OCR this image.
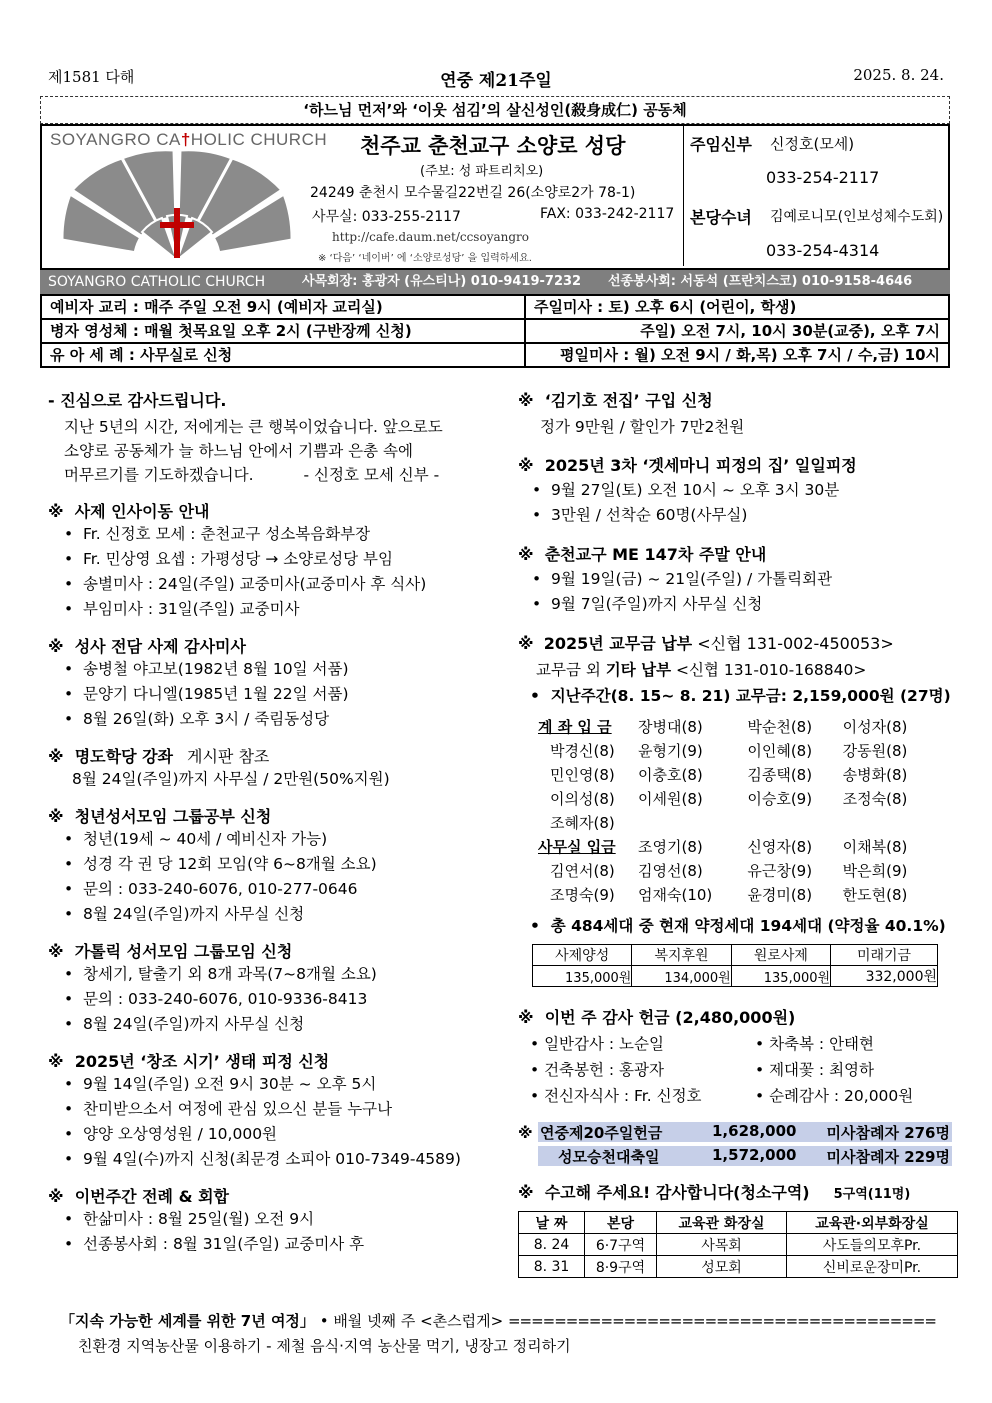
제1581 다해	연중 제21주일	2025. 8. 24.
‘하느님 먼저’와 ‘이웃 섬김’의 살신성인(殺身成仁) 공동체
SOYANGRO CA†HOLIC CHURCH 천주교 춘천교구 소양로 성당
(주보: 성 파트리치오)
24249 춘천시 모수물길22번길 26(소양로2가 78-1)
사무실: 033-255-2117	FAX: 033-242-2117
http://cafe.daum.net/ccsoyangro
※ ‘다음’ ‘네이버’ 에 ‘소양로성당’ 을 입력하세요.
주임신부 신정호(모세)
033-254-2117
본당수녀 김예로니모(인보성체수도회)
033-254-4314
SOYANGRO CATHOLIC CHURCH	사목회장: 홍광자 (유스티나) 010-9419-7232 선종봉사회: 서동석 (프란치스코) 010-9158-4646
예비자 교리 : 매주 주일 오전 9시 (예비자 교리실)	주일미사 : 토) 오후 6시 (어린이, 학생)
병자 영성체 : 매월 첫목요일 오후 2시 (구반장께 신청)	주일) 오전 7시, 10시 30분(교중), 오후 7시
유 아 세 례 : 사무실로 신청	평일미사 : 월) 오전 9시 / 화,목) 오후 7시 / 수,금) 10시
- 진심으로 감사드립니다.
지난 5년의 시간, 저에게는 큰 행복이었습니다. 앞으로도
소양로 공동체가 늘 하느님 안에서 기쁨과 은총 속에
머무르기를 기도하겠습니다.	- 신정호 모세 신부 -
※ 사제 인사이동 안내
•  Fr. 신정호 모세 : 춘천교구 성소복음화부장
•  Fr. 민상영 요셉 : 가평성당 → 소양로성당 부임
•  송별미사 : 24일(주일) 교중미사(교중미사 후 식사)
•  부임미사 : 31일(주일) 교중미사
※ 성사 전담 사제 감사미사
•  송병철 야고보(1982년 8월 10일 서품)
•  문양기 다니엘(1985년 1월 22일 서품)
•  8월 26일(화) 오후 3시 / 죽림동성당
※ 명도학당 강좌 게시판 참조
8월 24일(주일)까지 사무실 / 2만원(50%지원)
※ 청년성서모임 그룹공부 신청
•  청년(19세 ~ 40세 / 예비신자 가능)
•  성경 각 권 당 12회 모임(약 6~8개월 소요)
•  문의 : 033-240-6076, 010-277-0646
•  8월 24일(주일)까지 사무실 신청
※ 가톨릭 성서모임 그룹모임 신청
•  창세기, 탈출기 외 8개 과목(7~8개월 소요)
•  문의 : 033-240-6076, 010-9336-8413
•  8월 24일(주일)까지 사무실 신청
※ 2025년 ‘창조 시기’ 생태 피정 신청
•  9월 14일(주일) 오전 9시 30분 ~ 오후 5시
•  찬미받으소서 여정에 관심 있으신 분들 누구나
•  양양 오상영성원 / 10,000원
•  9월 4일(수)까지 신청(최문경 소피아 010-7349-4589)
※ 이번주간 전례 & 회합
•  한삶미사 : 8월 25일(월) 오전 9시
•  선종봉사회 : 8월 31일(주일) 교중미사 후
※ ‘김기호 전집’ 구입 신청
정가 9만원 / 할인가 7만2천원
※ 2025년 3차 ‘겟세마니 피정의 집’ 일일피정
•  9월 27일(토) 오전 10시 ~ 오후 3시 30분
•  3만원 / 선착순 60명(사무실)
※ 춘천교구 ME 147차 주말 안내
•  9월 19일(금) ~ 21일(주일) / 가톨릭회관
•  9월 7일(주일)까지 사무실 신청
※ 2025년 교무금 납부 <신협 131-002-450053>
교무금 외 기타 납부 <신협 131-010-168840>
•  지난주간(8. 15~ 8. 21) 교무금: 2,159,000원 (27명)
계 좌 입 금	장병대(8)	박순천(8)	이성자(8)
박경신(8)	윤형기(9)	이인혜(8)	강동원(8)
민인영(8)	이충호(8)	김종택(8)	송병화(8)
이의성(8)	이세원(8)	이승호(9)	조정숙(8)
조혜자(8)			
사무실 입금	조영기(8)	신영자(8)	이채복(8)
김연서(8)	김영선(8)	유근창(9)	박은희(9)
조명숙(9)	엄재숙(10)	윤경미(8)	한도현(8)
•  총 484세대 중 현재 약정세대 194세대 (약정율 40.1%)
사제양성	복지후원	원로사제	미래기금
135,000원	134,000원	135,000원	332,000원
※ 이번 주 감사 헌금 (2,480,000원)
• 일반감사 : 노순일	• 차축복 : 안태현
• 건축봉헌 : 홍광자	• 제대꽃 : 최영하
• 전신자식사 : Fr. 신정호	• 순례감사 : 20,000원
※ 연중제20주일헌금	1,628,000 미사참례자 276명
성모승천대축일	1,572,000 미사참례자 229명
※ 수고해 주세요! 감사합니다(청소구역) 5구역(11명)
날 짜	본당	교육관 화장실	교육관·외부화장실
8. 24	6·7구역	사목회	사도들의모후Pr.
8. 31	8·9구역	성모회	신비로운장미Pr.
「지속 가능한 세계를 위한 7년 여정」 • 배월 넷째 주 <촌스럽게> =====================================
친환경 지역농산물 이용하기 - 제철 음식·지역 농산물 먹기, 냉장고 정리하기
